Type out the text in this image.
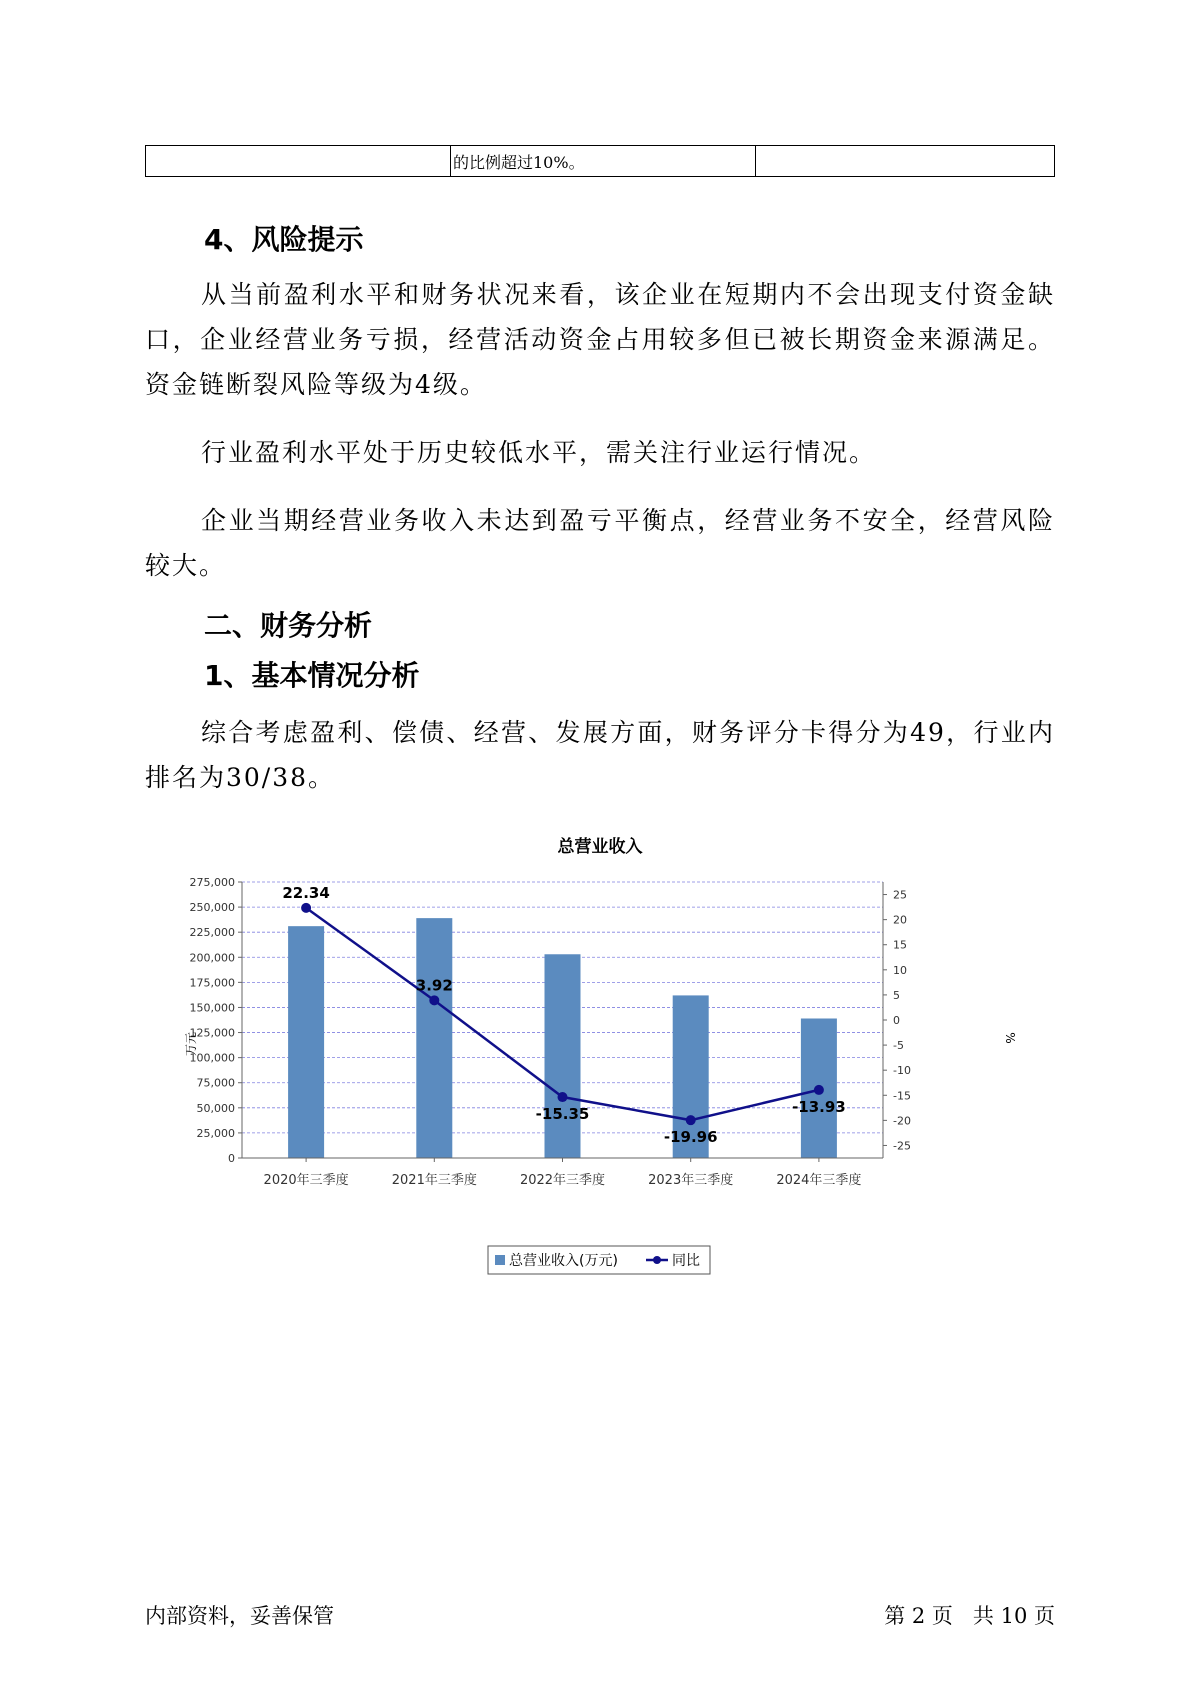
	的比例超过10%。	
4、风险提示
从当前盈利水平和财务状况来看，该企业在短期内不会出现支付资金缺口，企业经营业务亏损，经营活动资金占用较多但已被长期资金来源满足。资金链断裂风险等级为4级。
行业盈利水平处于历史较低水平，需关注行业运行情况。
企业当期经营业务收入未达到盈亏平衡点，经营业务不安全，经营风险较大。
二、财务分析
1、基本情况分析
综合考虑盈利、偿债、经营、发展方面，财务评分卡得分为49，行业内排名为30/38。
总营业收入
0
25,000
50,000
75,000
100,000
125,000
150,000
175,000
200,000
225,000
250,000
275,000
-25
-20
-15
-10
-5
0
5
10
15
20
25
2020年三季度	2021年三季度	2022年三季度	2023年三季度	2024年三季度
22.34
3.92
-15.35
-19.96
-13.93
万元	%
总营业收入(万元)	同比
内部资料，妥善保管	第 2 页   共 10 页
